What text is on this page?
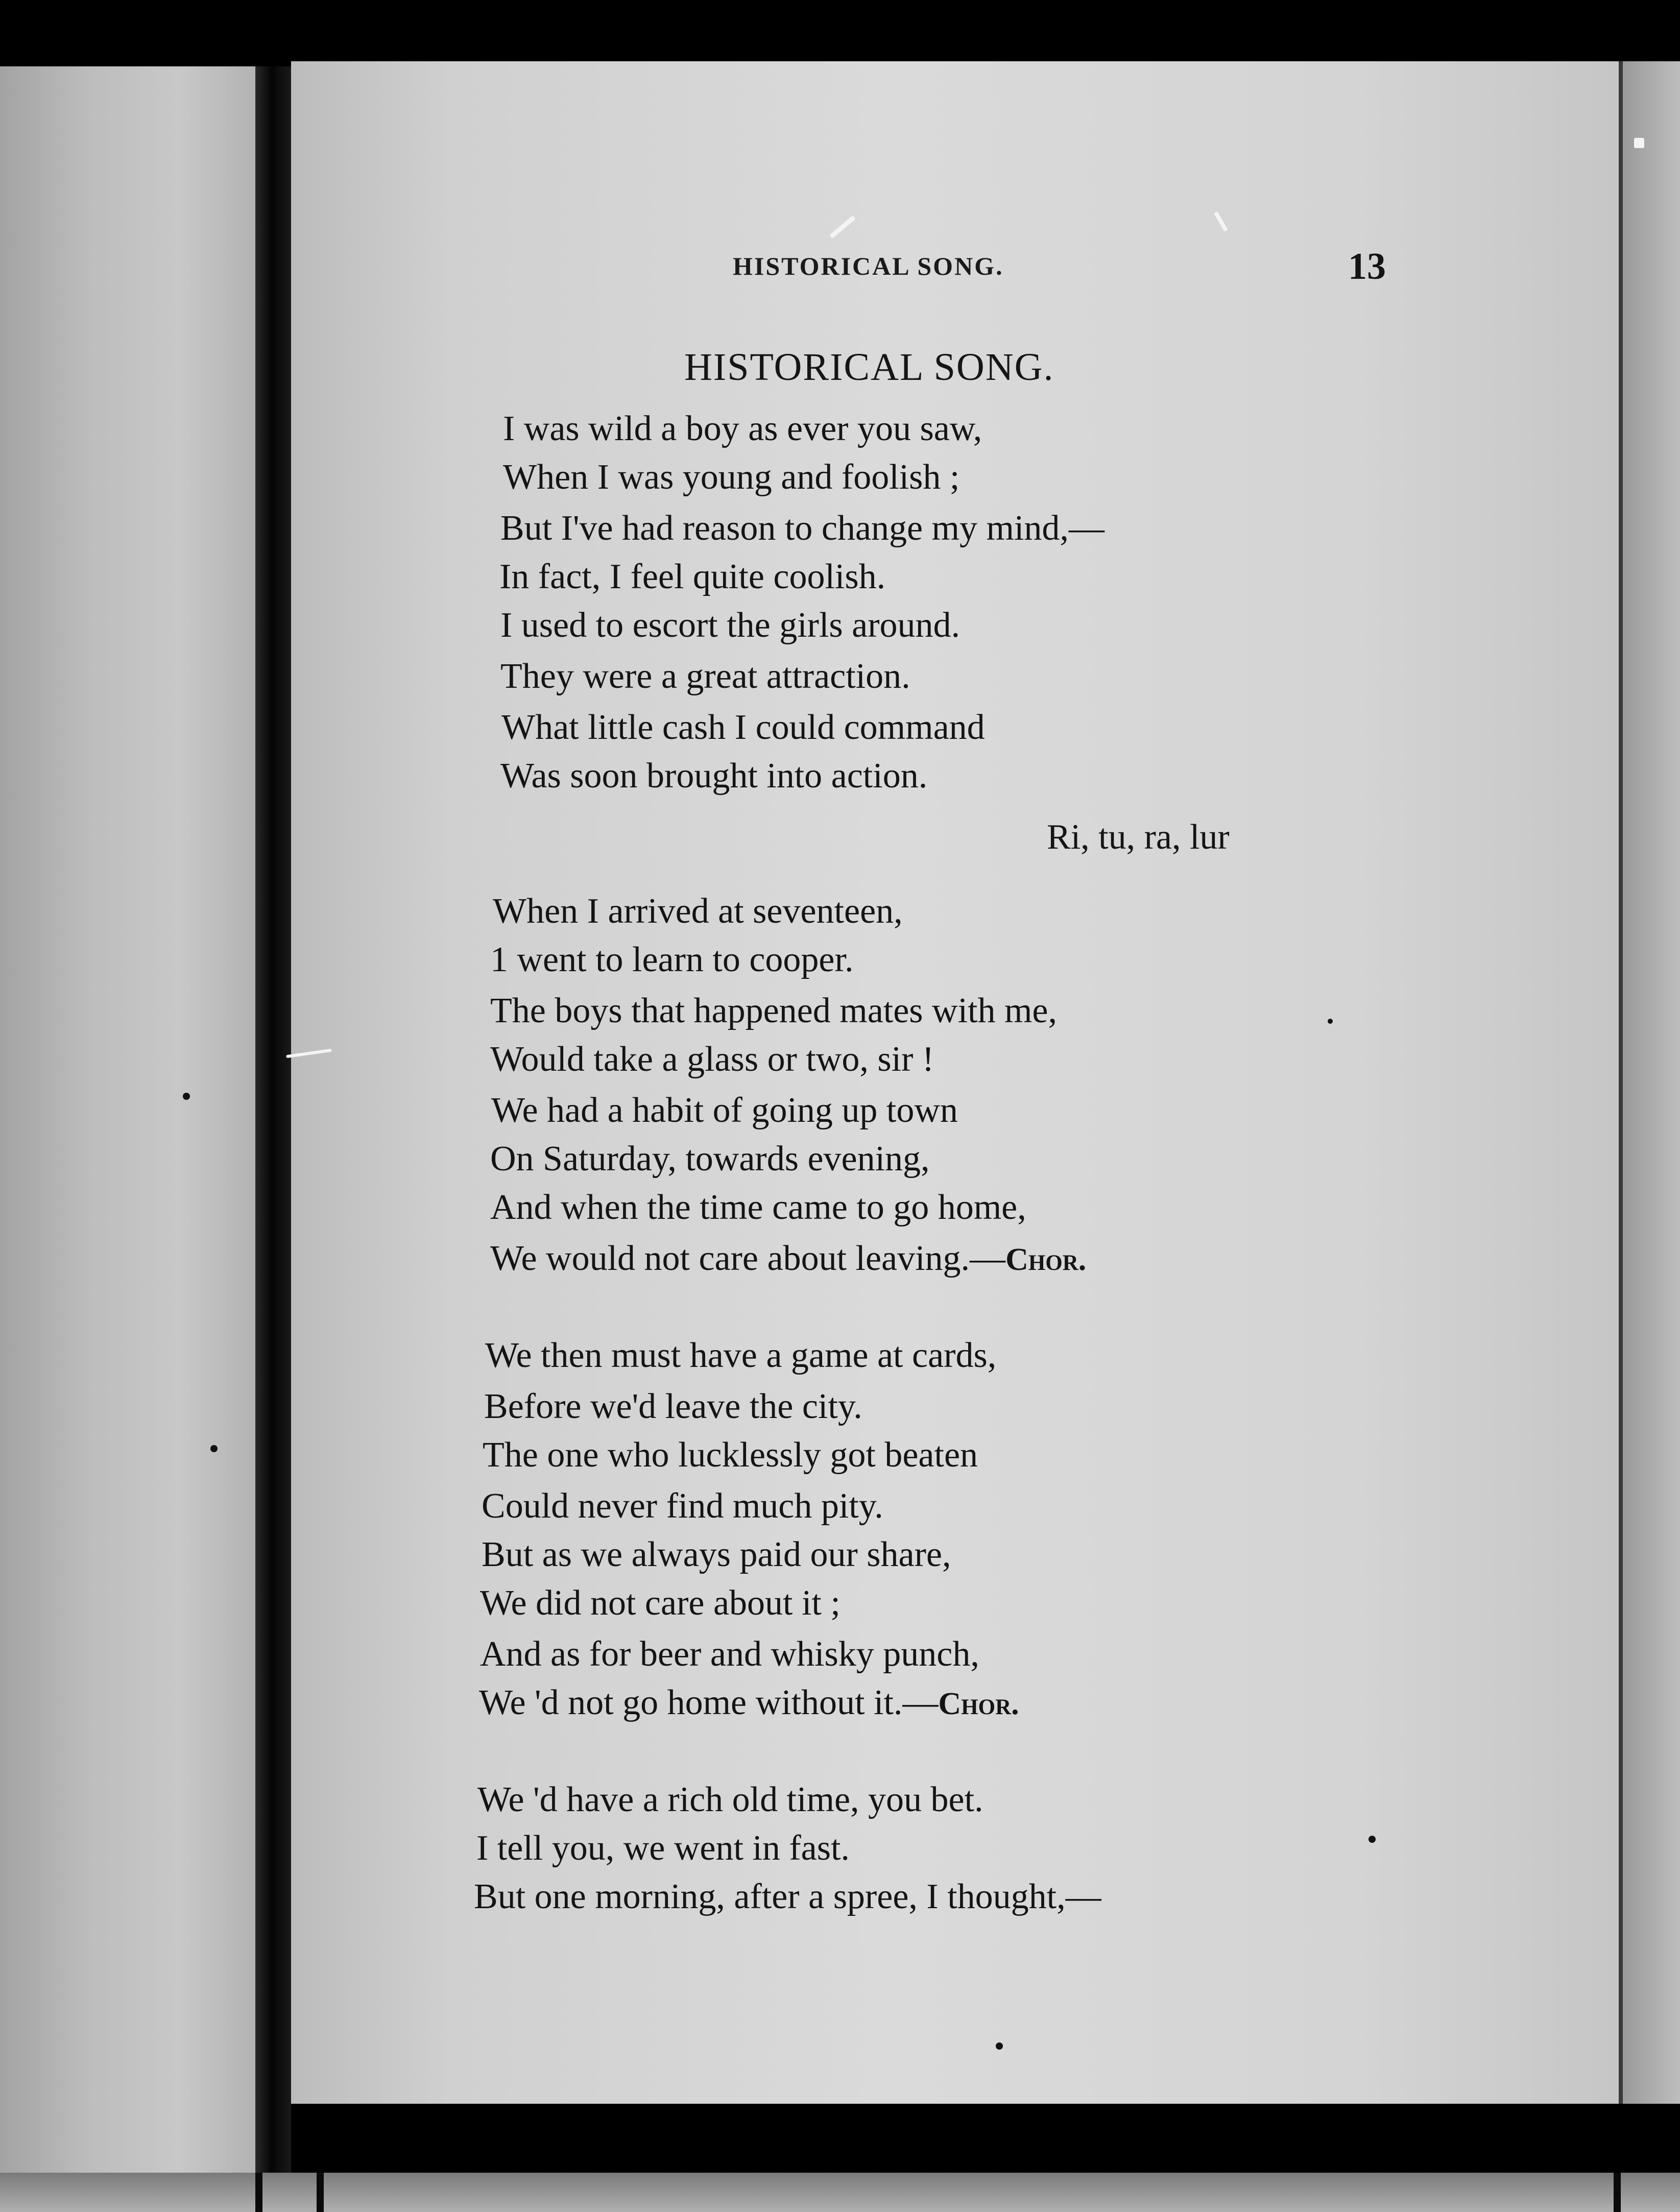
HISTORICAL SONG.	13
HISTORICAL SONG.
I was wild a boy as ever you saw,
When I was young and foolish ;
But I've had reason to change my mind,—
In fact, I feel quite coolish.
I used to escort the girls around.
They were a great attraction.
What little cash I could command
Was soon brought into action.
Ri, tu, ra, lur
When I arrived at seventeen,
1 went to learn to cooper.
The boys that happened mates with me,
Would take a glass or two, sir !
We had a habit of going up town
On Saturday, towards evening,
And when the time came to go home,
We would not care about leaving.—Chor.
We then must have a game at cards,
Before we'd leave the city.
The one who lucklessly got beaten
Could never find much pity.
But as we always paid our share,
We did not care about it ;
And as for beer and whisky punch,
We 'd not go home without it.—Chor.
We 'd have a rich old time, you bet.
I tell you, we went in fast.
But one morning, after a spree, I thought,—
